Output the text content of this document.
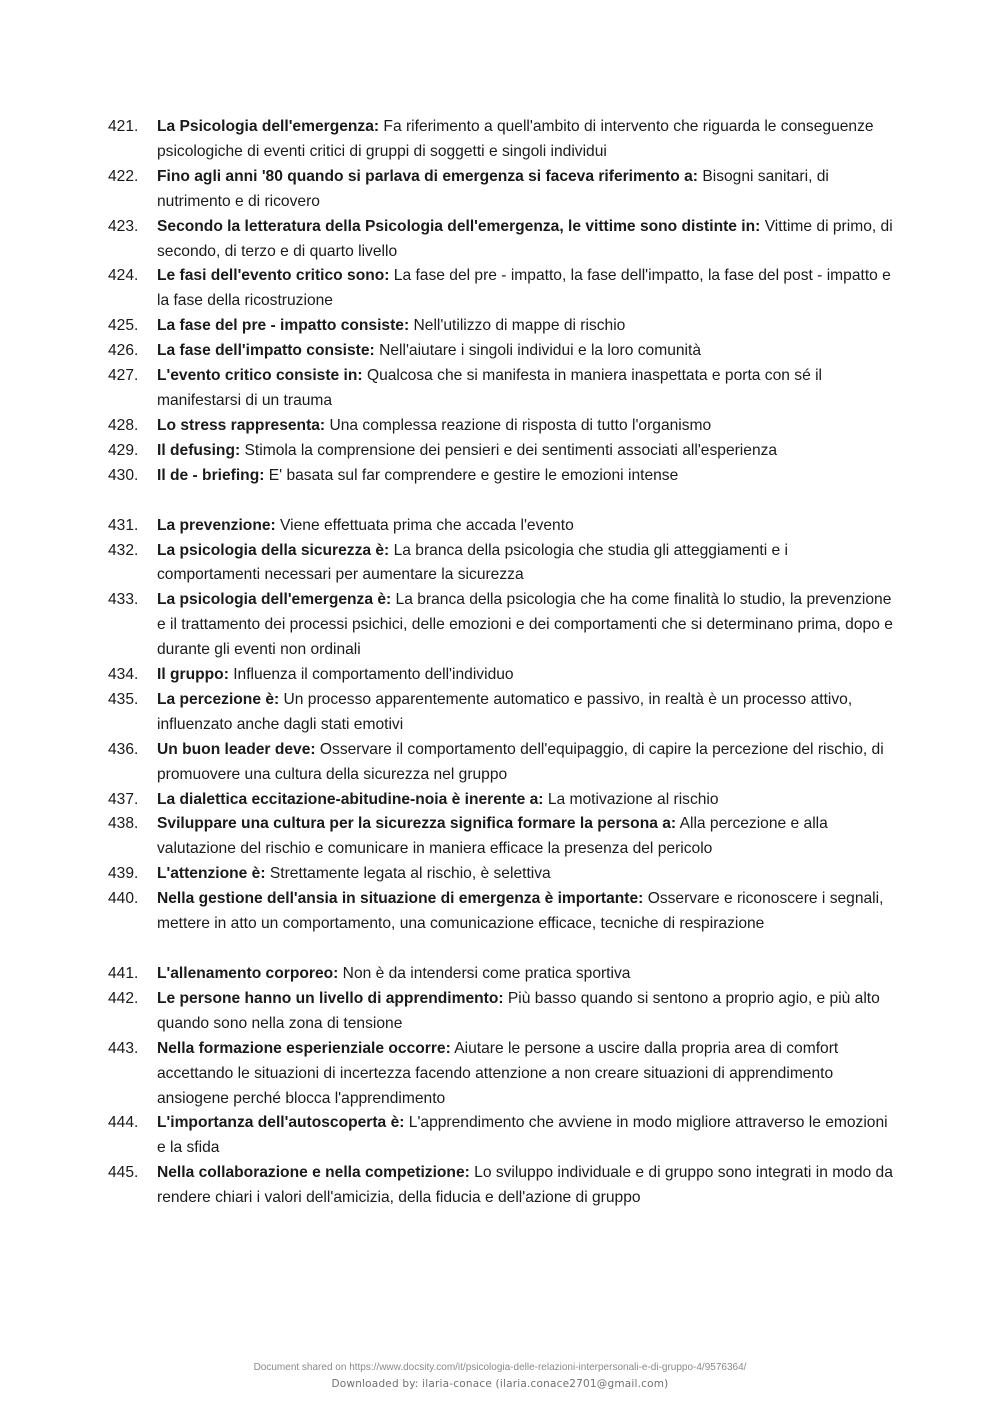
421.	La Psicologia dell'emergenza: Fa riferimento a quell'ambito di intervento che riguarda le conseguenze psicologiche di eventi critici di gruppi di soggetti e singoli individui
422.	Fino agli anni '80 quando si parlava di emergenza si faceva riferimento a: Bisogni sanitari, di nutrimento e di ricovero
423.	Secondo la letteratura della Psicologia dell'emergenza, le vittime sono distinte in: Vittime di primo, di secondo, di terzo e di quarto livello
424.	Le fasi dell'evento critico sono: La fase del pre - impatto, la fase dell'impatto, la fase del post - impatto e la fase della ricostruzione
425.	La fase del pre - impatto consiste: Nell'utilizzo di mappe di rischio
426.	La fase dell'impatto consiste: Nell'aiutare i singoli individui e la loro comunità
427.	L'evento critico consiste in: Qualcosa che si manifesta in maniera inaspettata e porta con sé il manifestarsi di un trauma
428.	Lo stress rappresenta: Una complessa reazione di risposta di tutto l'organismo
429.	Il defusing: Stimola la comprensione dei pensieri e dei sentimenti associati all'esperienza
430.	Il de - briefing: E' basata sul far comprendere e gestire le emozioni intense
431.	La prevenzione: Viene effettuata prima che accada l'evento
432.	La psicologia della sicurezza è: La branca della psicologia che studia gli atteggiamenti e i comportamenti necessari per aumentare la sicurezza
433.	La psicologia dell'emergenza è: La branca della psicologia che ha come finalità lo studio, la prevenzione e il trattamento dei processi psichici, delle emozioni e dei comportamenti che si determinano prima, dopo e durante gli eventi non ordinali
434.	Il gruppo: Influenza il comportamento dell'individuo
435.	La percezione è: Un processo apparentemente automatico e passivo, in realtà è un processo attivo, influenzato anche dagli stati emotivi
436.	Un buon leader deve: Osservare il comportamento dell'equipaggio, di capire la percezione del rischio, di promuovere una cultura della sicurezza nel gruppo
437.	La dialettica eccitazione-abitudine-noia è inerente a: La motivazione al rischio
438.	Sviluppare una cultura per la sicurezza significa formare la persona a: Alla percezione e alla valutazione del rischio e comunicare in maniera efficace la presenza del pericolo
439.	L'attenzione è: Strettamente legata al rischio, è selettiva
440.	Nella gestione dell'ansia in situazione di emergenza è importante: Osservare e riconoscere i segnali, mettere in atto un comportamento, una comunicazione efficace, tecniche di respirazione
441.	L'allenamento corporeo: Non è da intendersi come pratica sportiva
442.	Le persone hanno un livello di apprendimento: Più basso quando si sentono a proprio agio, e più alto quando sono nella zona di tensione
443.	Nella formazione esperienziale occorre: Aiutare le persone a uscire dalla propria area di comfort accettando le situazioni di incertezza facendo attenzione a non creare situazioni di apprendimento ansiogene perché blocca l'apprendimento
444.	L'importanza dell'autoscoperta è: L'apprendimento che avviene in modo migliore attraverso le emozioni e la sfida
445.	Nella collaborazione e nella competizione: Lo sviluppo individuale e di gruppo sono integrati in modo da rendere chiari i valori dell'amicizia, della fiducia e dell'azione di gruppo
Document shared on https://www.docsity.com/it/psicologia-delle-relazioni-interpersonali-e-di-gruppo-4/9576364/
Downloaded by: ilaria-conace (ilaria.conace2701@gmail.com)
